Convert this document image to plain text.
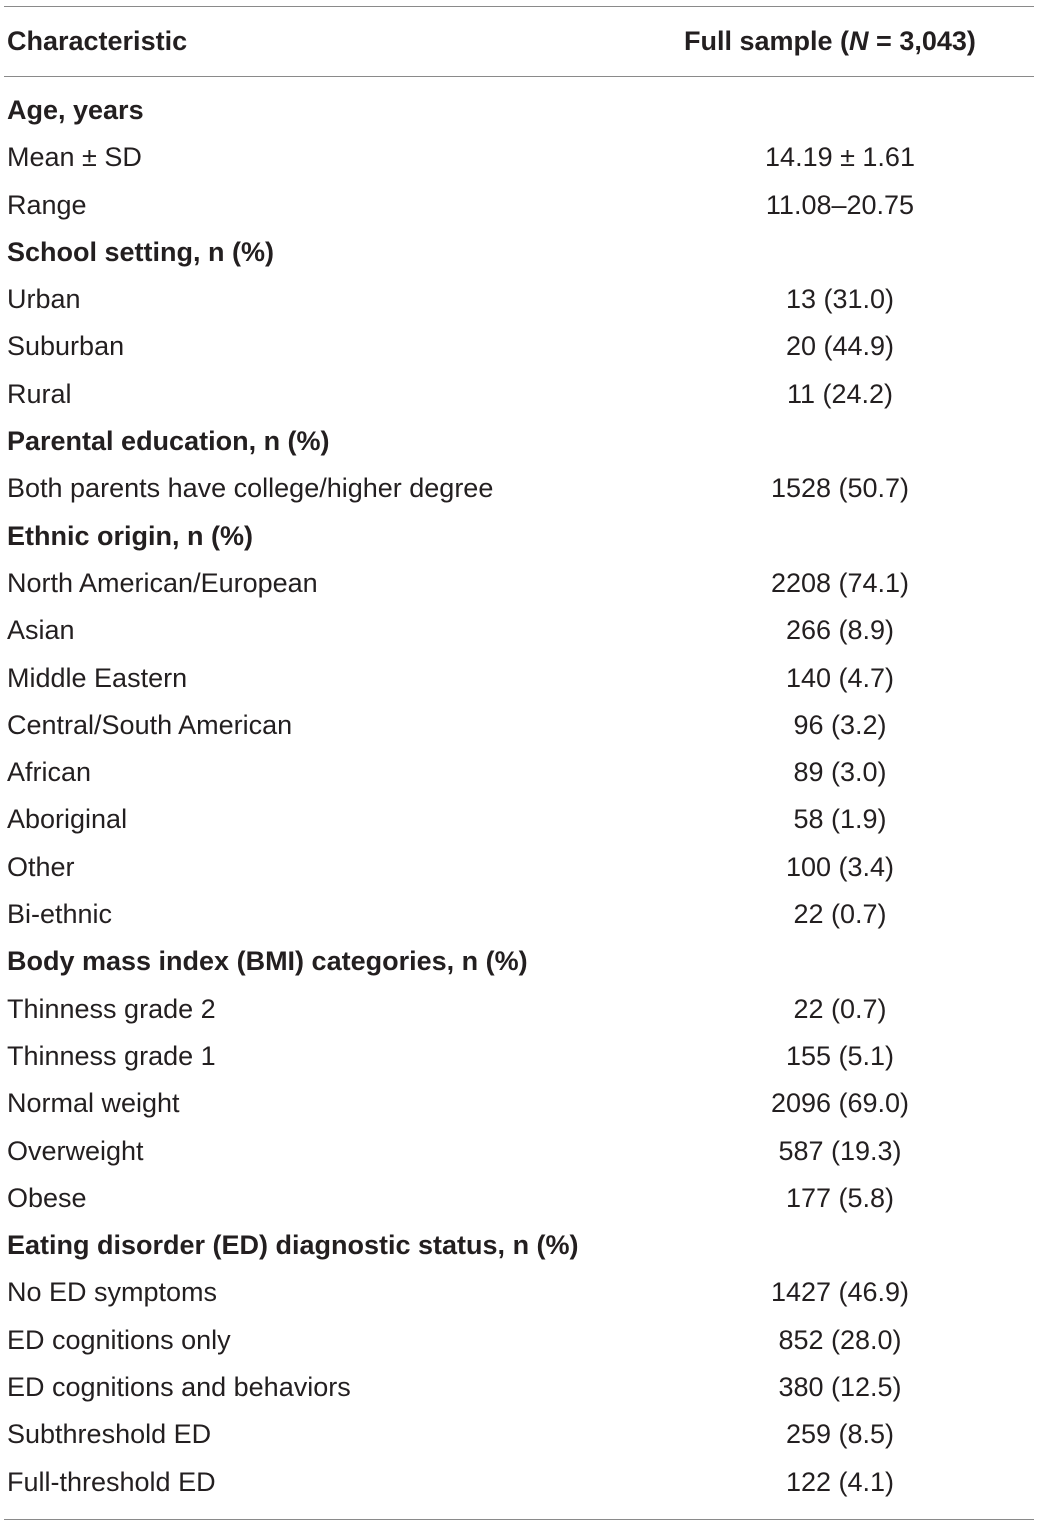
Characteristic	Full sample (N = 3,043)
Age, years
Mean ± SD	14.19 ± 1.61
Range	11.08–20.75
School setting, n (%)
Urban	13 (31.0)
Suburban	20 (44.9)
Rural	11 (24.2)
Parental education, n (%)
Both parents have college/higher degree	1528 (50.7)
Ethnic origin, n (%)
North American/European	2208 (74.1)
Asian	266 (8.9)
Middle Eastern	140 (4.7)
Central/South American	96 (3.2)
African	89 (3.0)
Aboriginal	58 (1.9)
Other	100 (3.4)
Bi-ethnic	22 (0.7)
Body mass index (BMI) categories, n (%)
Thinness grade 2	22 (0.7)
Thinness grade 1	155 (5.1)
Normal weight	2096 (69.0)
Overweight	587 (19.3)
Obese	177 (5.8)
Eating disorder (ED) diagnostic status, n (%)
No ED symptoms	1427 (46.9)
ED cognitions only	852 (28.0)
ED cognitions and behaviors	380 (12.5)
Subthreshold ED	259 (8.5)
Full-threshold ED	122 (4.1)
